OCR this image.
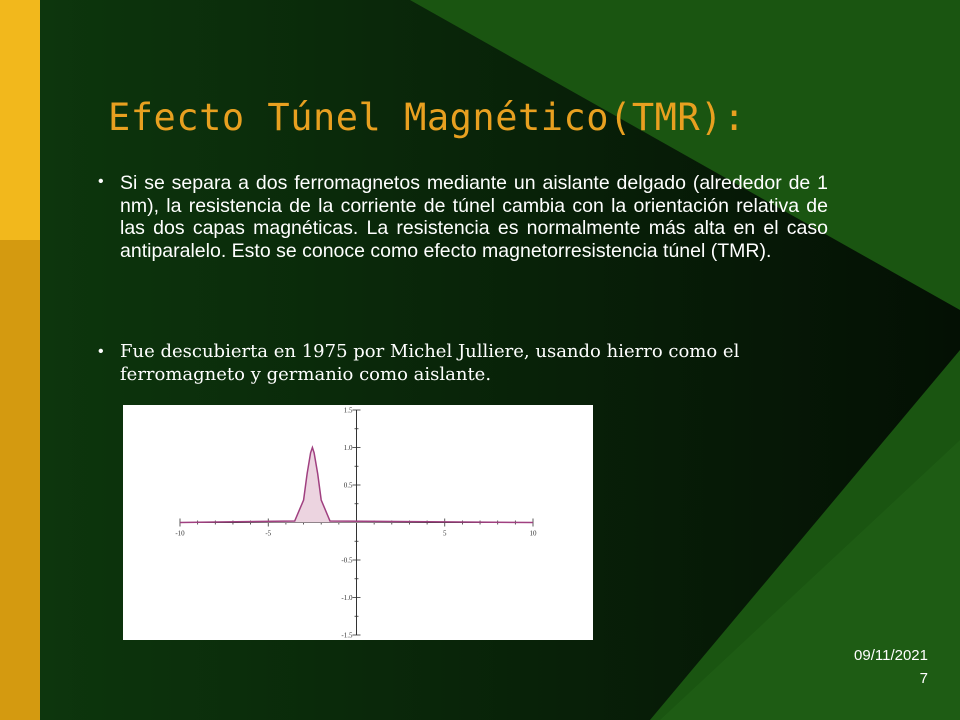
Efecto Túnel Magnético(TMR):
• Si se separa a dos ferromagnetos mediante un aislante delgado (alrededor de 1 nm), la resistencia de la corriente de túnel cambia con la orientación relativa de las dos capas magnéticas. La resistencia es normalmente más alta en el caso antiparalelo. Esto se conoce como efecto magnetorresistencia túnel (TMR).
• Fue descubierta en 1975 por Michel Julliere, usando hierro como el ferromagneto y germanio como aislante.
-10	-5	5	10
1.5
1.0
0.5
-0.5
-1.0
-1.5
09/11/2021
7
